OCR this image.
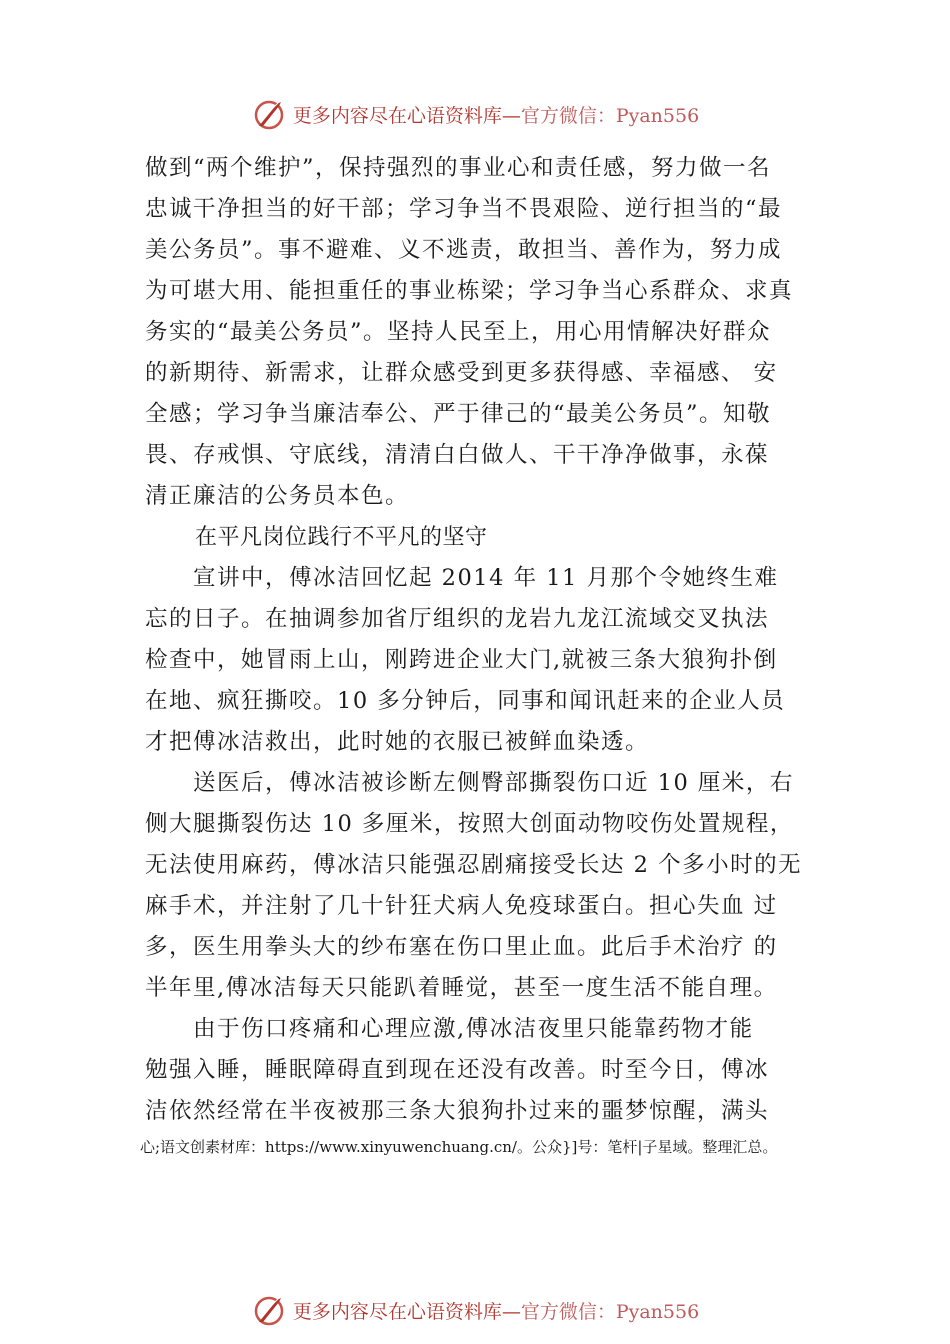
更多内容尽在心语资料库—官方微信：Pyan556
做到“两个维护”，保持强烈的事业心和责任感，努力做一名
忠诚干净担当的好干部；学习争当不畏艰险、逆行担当的“最
美公务员”。事不避难、义不逃责，敢担当、善作为，努力成
为可堪大用、能担重任的事业栋梁；学习争当心系群众、求真
务实的“最美公务员”。坚持人民至上，用心用情解决好群众
的新期待、新需求，让群众感受到更多获得感、幸福感、 安
全感；学习争当廉洁奉公、严于律己的“最美公务员”。知敬
畏、存戒惧、守底线，清清白白做人、干干净净做事，永葆
清正廉洁的公务员本色。
在平凡岗位践行不平凡的坚守
　　宣讲中，傅冰洁回忆起 2014 年 11 月那个令她终生难
忘的日子。在抽调参加省厅组织的龙岩九龙江流域交叉执法
检查中，她冒雨上山，刚跨进企业大门,就被三条大狼狗扑倒
在地、疯狂撕咬。10 多分钟后，同事和闻讯赶来的企业人员
才把傅冰洁救出，此时她的衣服已被鲜血染透。
　　送医后，傅冰洁被诊断左侧臀部撕裂伤口近 10 厘米，右
侧大腿撕裂伤达 10 多厘米，按照大创面动物咬伤处置规程，
无法使用麻药，傅冰洁只能强忍剧痛接受长达 2 个多小时的无
麻手术，并注射了几十针狂犬病人免疫球蛋白。担心失血 过
多，医生用拳头大的纱布塞在伤口里止血。此后手术治疗 的
半年里,傅冰洁每天只能趴着睡觉，甚至一度生活不能自理。
　　由于伤口疼痛和心理应激,傅冰洁夜里只能靠药物才能
勉强入睡，睡眠障碍直到现在还没有改善。时至今日，傅冰
洁依然经常在半夜被那三条大狼狗扑过来的噩梦惊醒，满头
心;语文创素材库：https://www.xinyuwenchuang.cn/。公众}]号：笔杆|子星域。整理汇总。
更多内容尽在心语资料库—官方微信：Pyan556
